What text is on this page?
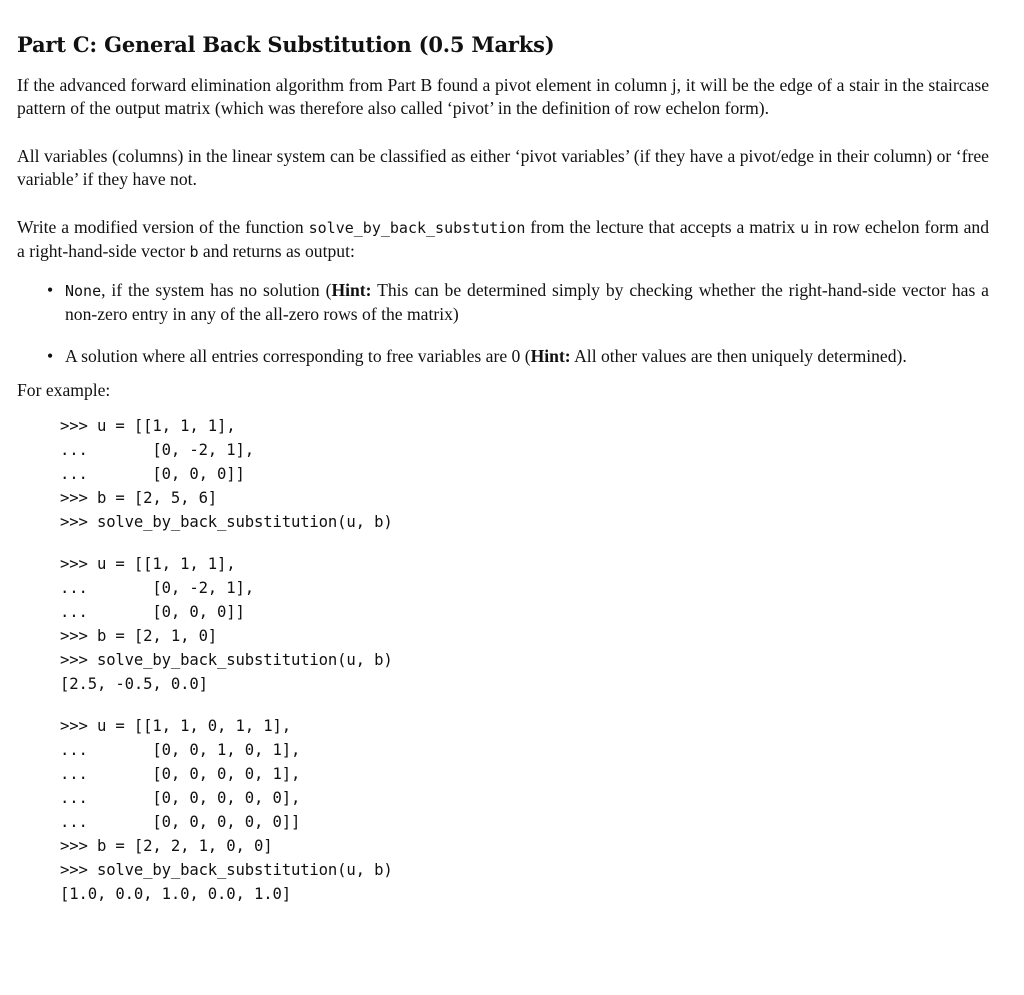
Part C: General Back Substitution (0.5 Marks)

If the advanced forward elimination algorithm from Part B found a pivot element in column j, it will be the edge of a stair in the staircase pattern of the output matrix (which was therefore also called ‘pivot’ in the definition of row echelon form).

All variables (columns) in the linear system can be classified as either ‘pivot variables’ (if they have a pivot/edge in their column) or ‘free variable’ if they have not.

Write a modified version of the function solve_by_back_substution from the lecture that accepts a matrix u in row echelon form and a right-hand-side vector b and returns as output:

• None, if the system has no solution (Hint: This can be determined simply by checking whether the right-hand-side vector has a non-zero entry in any of the all-zero rows of the matrix)
• A solution where all entries corresponding to free variables are 0 (Hint: All other values are then uniquely determined).
For example:
>>> u = [[1, 1, 1],
...       [0, -2, 1],
...       [0, 0, 0]]
>>> b = [2, 5, 6]
>>> solve_by_back_substitution(u, b)
>>> u = [[1, 1, 1],
...       [0, -2, 1],
...       [0, 0, 0]]
>>> b = [2, 1, 0]
>>> solve_by_back_substitution(u, b)
[2.5, -0.5, 0.0]
>>> u = [[1, 1, 0, 1, 1],
...       [0, 0, 1, 0, 1],
...       [0, 0, 0, 0, 1],
...       [0, 0, 0, 0, 0],
...       [0, 0, 0, 0, 0]]
>>> b = [2, 2, 1, 0, 0]
>>> solve_by_back_substitution(u, b)
[1.0, 0.0, 1.0, 0.0, 1.0]
